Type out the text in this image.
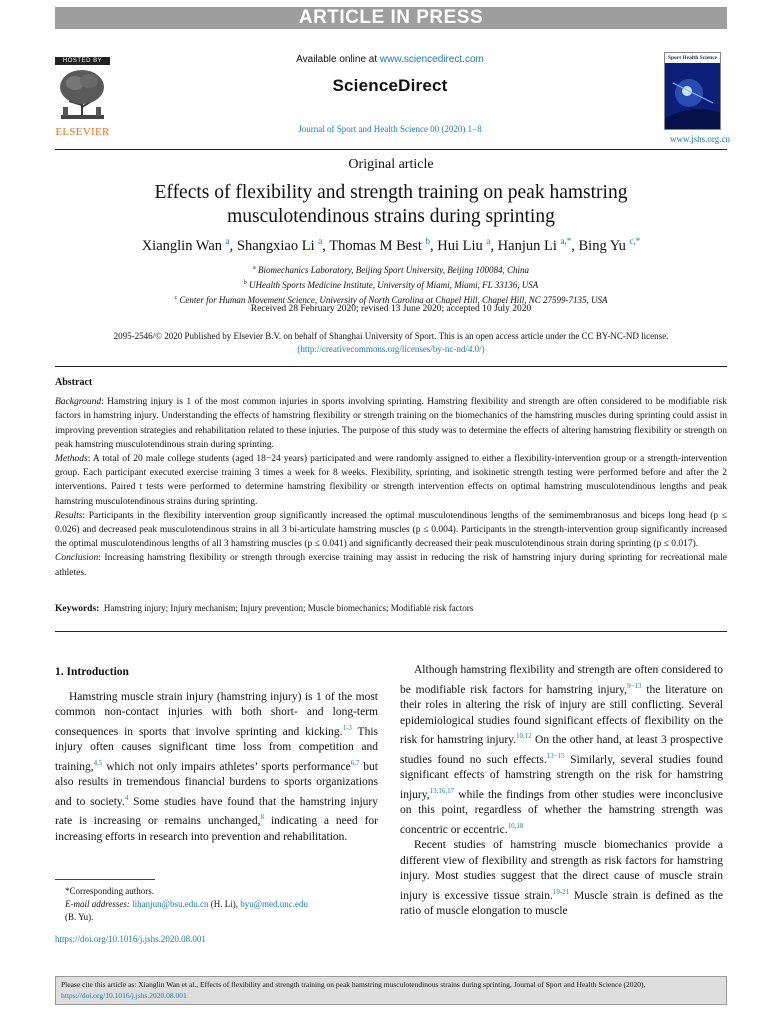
ARTICLE IN PRESS
HOSTED BY
ELSEVIER
Available online at www.sciencedirect.com
ScienceDirect
Journal of Sport and Health Science 00 (2020) 1−8
Sport Health Science
www.jshs.org.cn
Original article
Effects of flexibility and strength training on peak hamstring
musculotendinous strains during sprinting
Xianglin Wan $^a$, Shangxiao Li $^a$, Thomas M Best $^b$, Hui Liu $^a$, Hanjun Li $^{a,*}$, Bing Yu $^{c,*}$
$^a$ Biomechanics Laboratory, Beijing Sport University, Beijing 100084, China
$^b$ UHealth Sports Medicine Institute, University of Miami, Miami, FL 33136, USA
$^c$ Center for Human Movement Science, University of North Carolina at Chapel Hill, Chapel Hill, NC 27599-7135, USA
Received 28 February 2020; revised 13 June 2020; accepted 10 July 2020
2095-2546/© 2020 Published by Elsevier B.V. on behalf of Shanghai University of Sport. This is an open access article under the CC BY-NC-ND license.
(http://creativecommons.org/licenses/by-nc-nd/4.0/)
Abstract

Background: Hamstring injury is 1 of the most common injuries in sports involving sprinting. Hamstring flexibility and strength are often considered to be modifiable risk factors in hamstring injury. Understanding the effects of hamstring flexibility or strength training on the biomechanics of the hamstring muscles during sprinting could assist in improving prevention strategies and rehabilitation related to these injuries. The purpose of this study was to determine the effects of altering hamstring flexibility or strength on peak hamstring musculotendinous strain during sprinting.

Methods: A total of 20 male college students (aged 18−24 years) participated and were randomly assigned to either a flexibility-intervention group or a strength-intervention group. Each participant executed exercise training 3 times a week for 8 weeks. Flexibility, sprinting, and isokinetic strength testing were performed before and after the 2 interventions. Paired t tests were performed to determine hamstring flexibility or strength intervention effects on optimal hamstring musculotendinous lengths and peak hamstring musculotendinous strains during sprinting.

Results: Participants in the flexibility intervention group significantly increased the optimal musculotendinous lengths of the semimembranosus and biceps long head (p ≤ 0.026) and decreased peak musculotendinous strains in all 3 bi-articulate hamstring muscles (p ≤ 0.004). Participants in the strength-intervention group significantly increased the optimal musculotendinous lengths of all 3 hamstring muscles (p ≤ 0.041) and significantly decreased their peak musculotendinous strain during sprinting (p ≤ 0.017).

Conclusion: Increasing hamstring flexibility or strength through exercise training may assist in reducing the risk of hamstring injury during sprinting for recreational male athletes.

Keywords: Hamstring injury; Injury mechanism; Injury prevention; Muscle biomechanics; Modifiable risk factors
1. Introduction

Hamstring muscle strain injury (hamstring injury) is 1 of the most common non-contact injuries with both short- and long-term consequences in sports that involve sprinting and kicking.$^{1-3}$ This injury often causes significant time loss from competition and training,$^{4,5}$ which not only impairs athletes’ sports performance$^{6,7}$ but also results in tremendous financial burdens to sports organizations and to society.$^4$ Some studies have found that the hamstring injury rate is increasing or remains unchanged,$^8$ indicating a need for increasing efforts in research into prevention and rehabilitation.

Although hamstring flexibility and strength are often considered to be modifiable risk factors for hamstring injury,$^{9-13}$ the literature on their roles in altering the risk of injury are still conflicting. Several epidemiological studies found significant effects of flexibility on the risk for hamstring injury.$^{10,12}$ On the other hand, at least 3 prospective studies found no such effects.$^{13-15}$ Similarly, several studies found significant effects of hamstring strength on the risk for hamstring injury,$^{13,16,17}$ while the findings from other studies were inconclusive on this point, regardless of whether the hamstring strength was concentric or eccentric.$^{10,18}$

Recent studies of hamstring muscle biomechanics provide a different view of flexibility and strength as risk factors for hamstring injury. Most studies suggest that the direct cause of muscle strain injury is excessive tissue strain.$^{19-21}$ Muscle strain is defined as the ratio of muscle elongation to muscle

*Corresponding authors.
E-mail addresses: lihanjun@bsu.edu.cn (H. Li), byu@med.unc.edu
(B. Yu).
https://doi.org/10.1016/j.jshs.2020.08.001
Please cite this article as: Xianglin Wan et al., Effects of flexibility and strength training on peak hamstring musculotendinous strains during sprinting, Journal of Sport and Health Science (2020), https://doi.org/10.1016/j.jshs.2020.08.001
